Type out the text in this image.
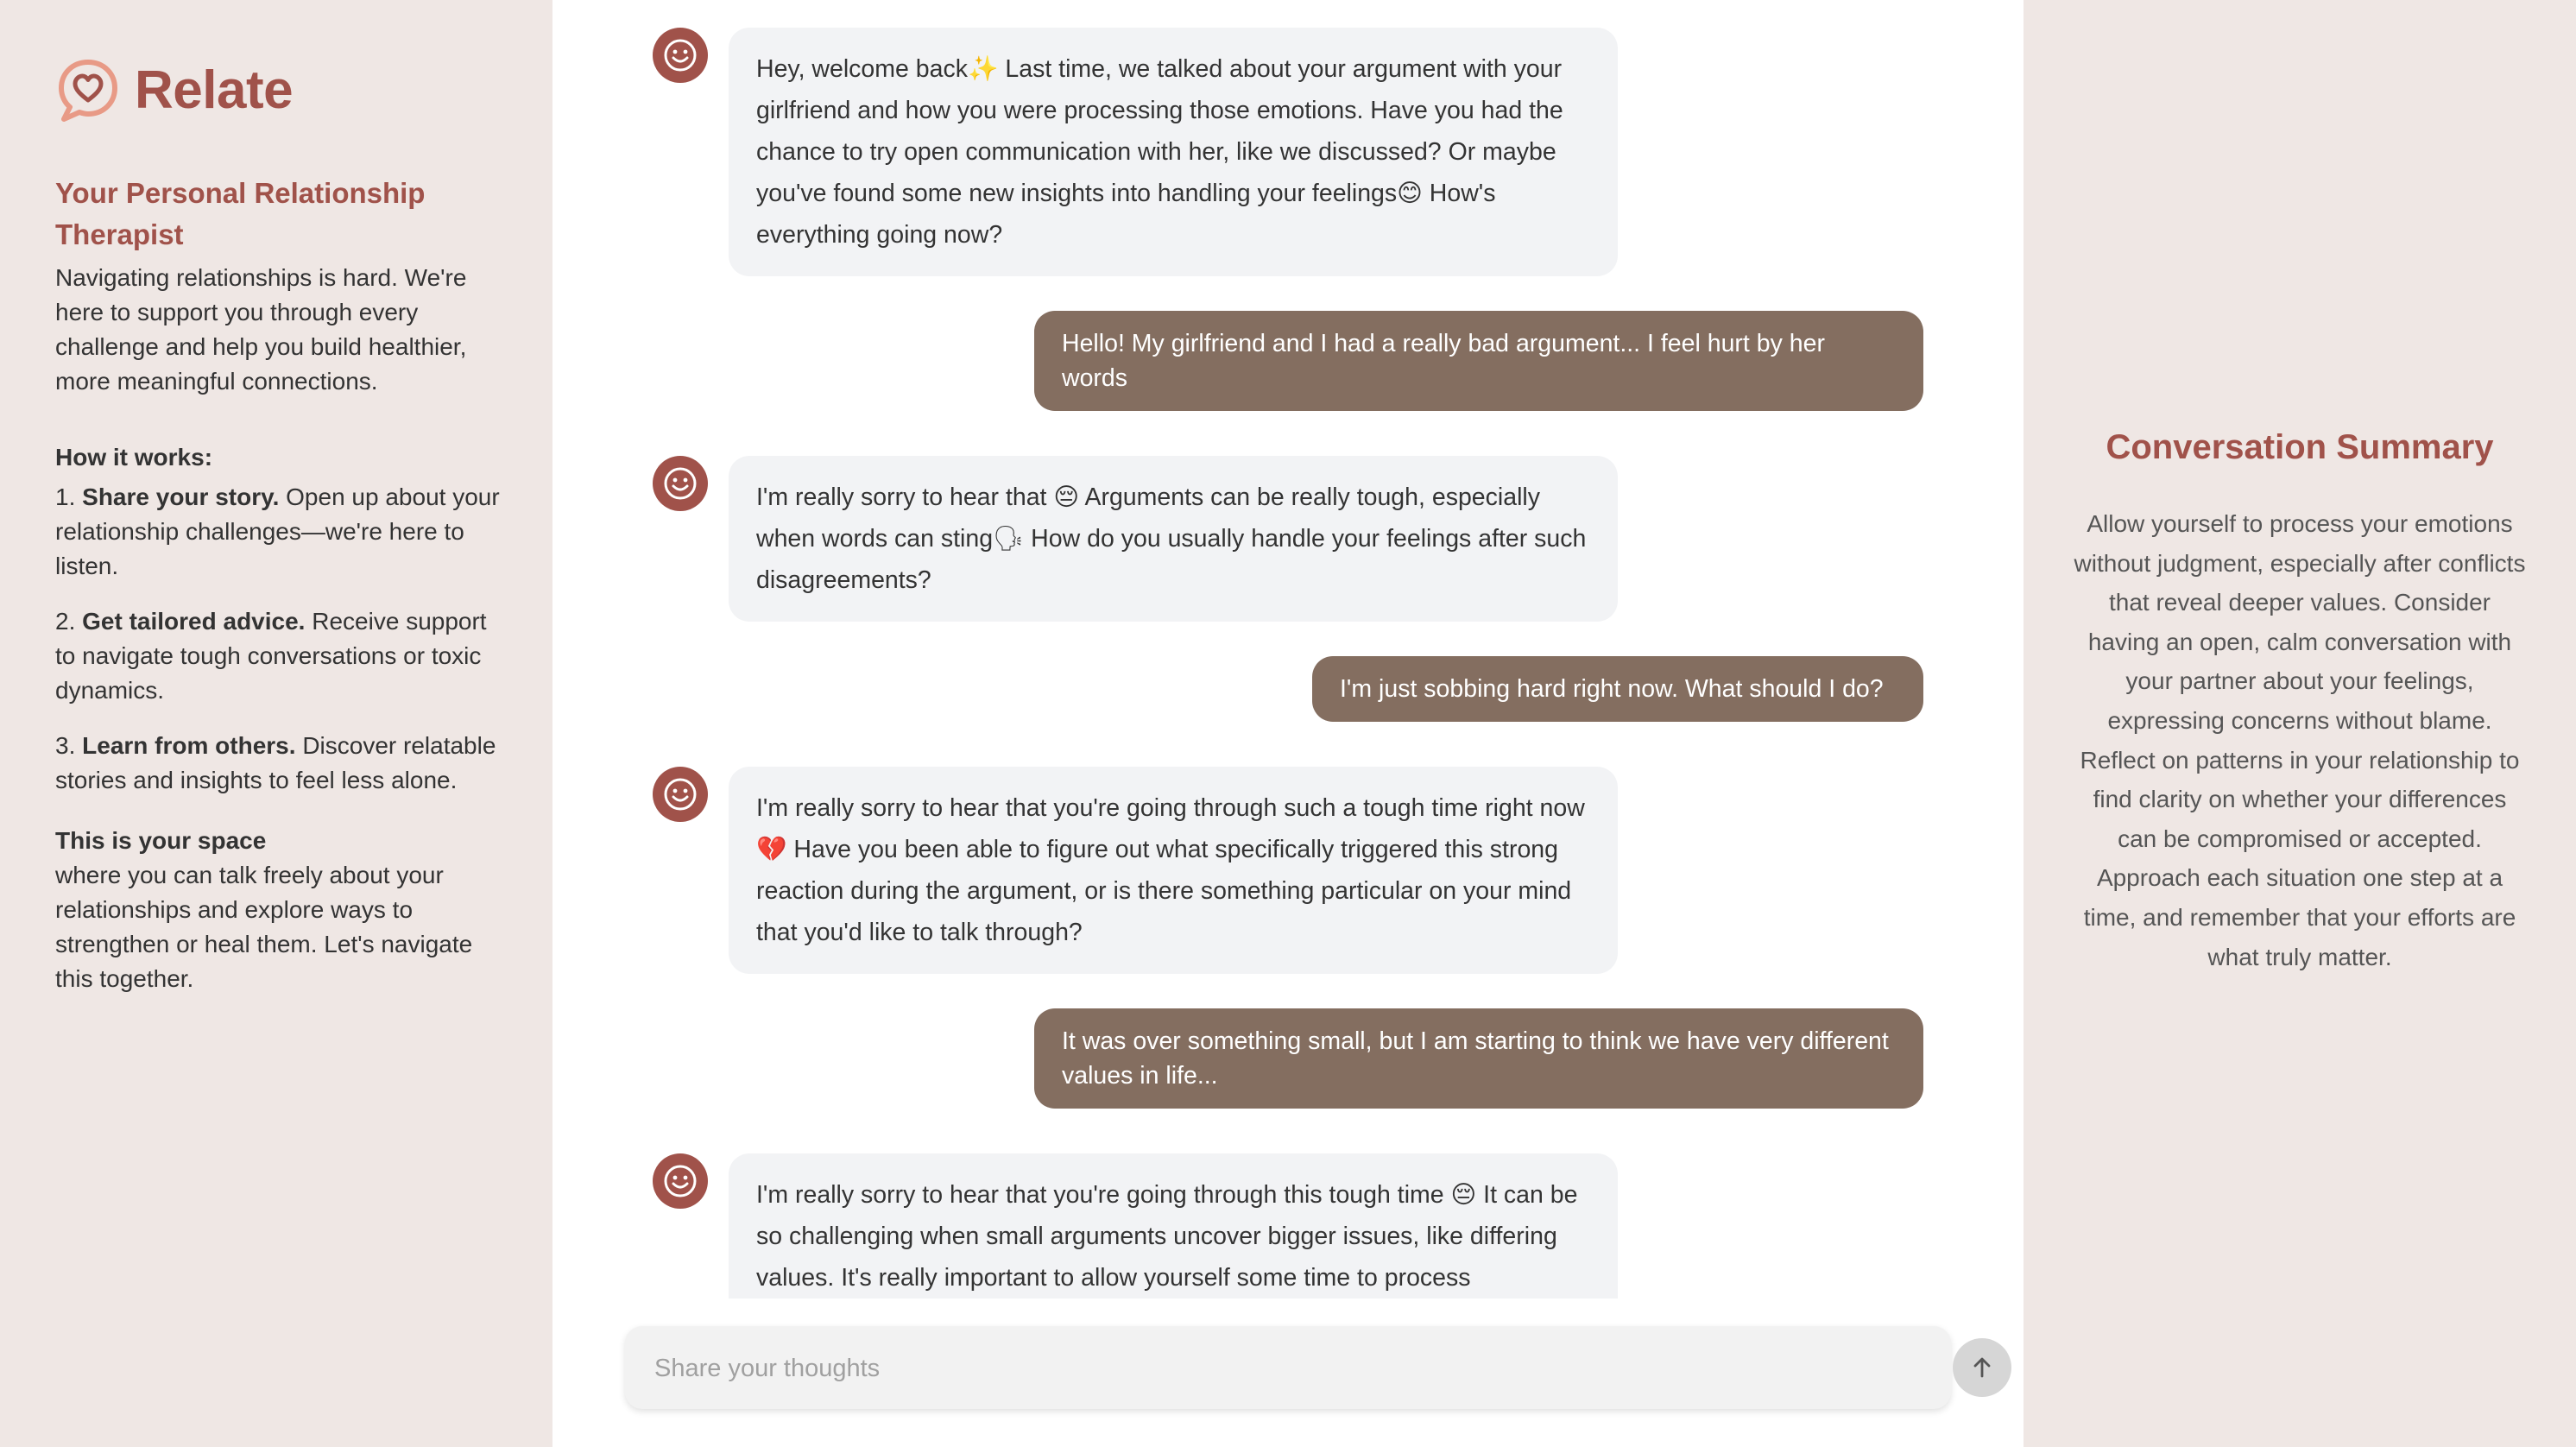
Relate
Your Personal Relationship Therapist

Navigating relationships is hard. We're here to support you through every challenge and help you build healthier, more meaningful connections.

How it works:

1. Share your story. Open up about your relationship challenges—we're here to listen.

2. Get tailored advice. Receive support to navigate tough conversations or toxic dynamics.

3. Learn from others. Discover relatable stories and insights to feel less alone.

This is your space

where you can talk freely about your relationships and explore ways to strengthen or heal them. Let's navigate this together.

Hey, welcome back✨ Last time, we talked about your argument with your girlfriend and how you were processing those emotions. Have you had the chance to try open communication with her, like we discussed? Or maybe you've found some new insights into handling your feelings😊 How's everything going now?
Hello! My girlfriend and I had a really bad argument... I feel hurt by her words
I'm really sorry to hear that 😔 Arguments can be really tough, especially when words can sting🗣 How do you usually handle your feelings after such disagreements?
I'm just sobbing hard right now. What should I do?
I'm really sorry to hear that you're going through such a tough time right now💔 Have you been able to figure out what specifically triggered this strong reaction during the argument, or is there something particular on your mind that you'd like to talk through?
It was over something small, but I am starting to think we have very different values in life...
I'm really sorry to hear that you're going through this tough time 😔 It can be so challenging when small arguments uncover bigger issues, like differing values. It's really important to allow yourself some time to process
Share your thoughts
Conversation Summary

Allow yourself to process your emotions without judgment, especially after conflicts that reveal deeper values. Consider having an open, calm conversation with your partner about your feelings, expressing concerns without blame. Reflect on patterns in your relationship to find clarity on whether your differences can be compromised or accepted. Approach each situation one step at a time, and remember that your efforts are what truly matter.
